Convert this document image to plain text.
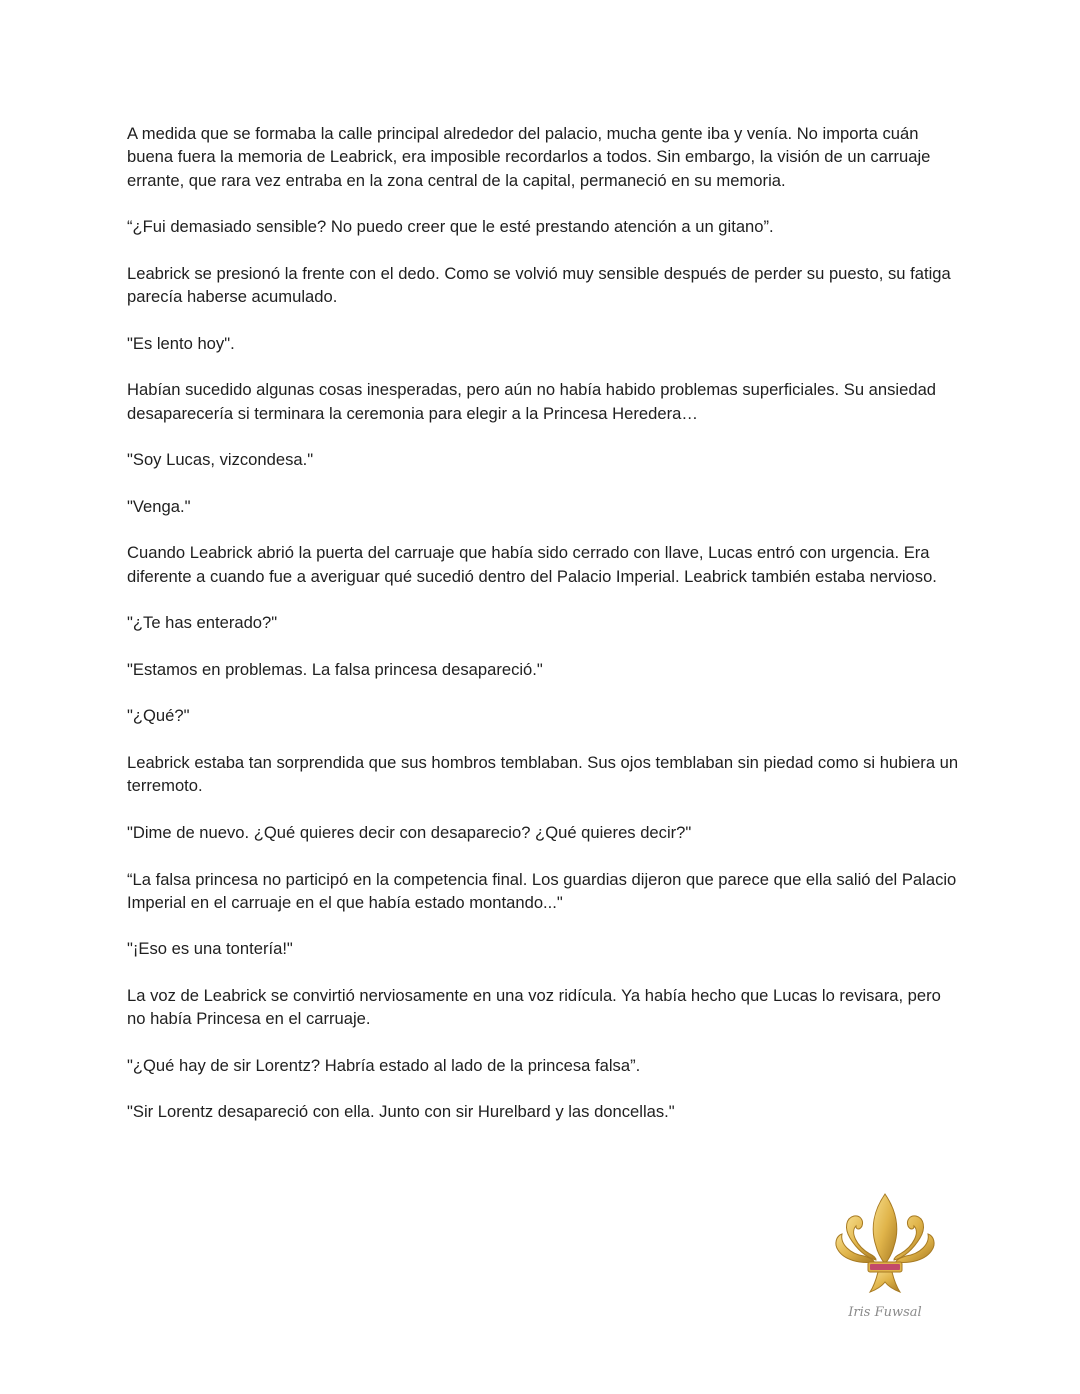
A medida que se formaba la calle principal alrededor del palacio, mucha gente iba y venía. No importa cuán buena fuera la memoria de Leabrick, era imposible recordarlos a todos. Sin embargo, la visión de un carruaje errante, que rara vez entraba en la zona central de la capital, permaneció en su memoria.

“¿Fui demasiado sensible? No puedo creer que le esté prestando atención a un gitano”.

Leabrick se presionó la frente con el dedo. Como se volvió muy sensible después de perder su puesto, su fatiga parecía haberse acumulado.

"Es lento hoy".

Habían sucedido algunas cosas inesperadas, pero aún no había habido problemas superficiales. Su ansiedad desaparecería si terminara la ceremonia para elegir a la Princesa Heredera…

"Soy Lucas, vizcondesa."

"Venga."

Cuando Leabrick abrió la puerta del carruaje que había sido cerrado con llave, Lucas entró con urgencia. Era diferente a cuando fue a averiguar qué sucedió dentro del Palacio Imperial. Leabrick también estaba nervioso.

"¿Te has enterado?"

"Estamos en problemas. La falsa princesa desapareció."

"¿Qué?"

Leabrick estaba tan sorprendida que sus hombros temblaban. Sus ojos temblaban sin piedad como si hubiera un terremoto.

"Dime de nuevo. ¿Qué quieres decir con desaparecio? ¿Qué quieres decir?"

“La falsa princesa no participó en la competencia final. Los guardias dijeron que parece que ella salió del Palacio Imperial en el carruaje en el que había estado montando..."

"¡Eso es una tontería!"

La voz de Leabrick se convirtió nerviosamente en una voz ridícula. Ya había hecho que Lucas lo revisara, pero no había Princesa en el carruaje.

"¿Qué hay de sir Lorentz? Habría estado al lado de la princesa falsa”.

"Sir Lorentz desapareció con ella. Junto con sir Hurelbard y las doncellas."

Iris Fuwsal
